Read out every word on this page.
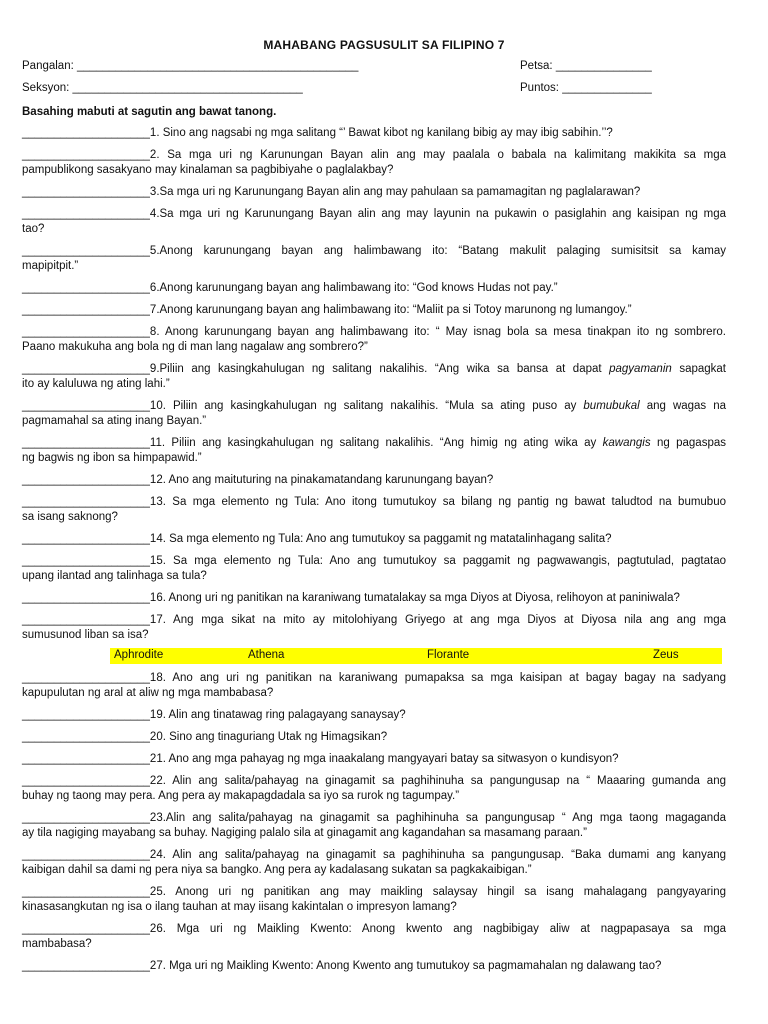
MAHABANG PAGSUSULIT SA FILIPINO 7
Pangalan: ____________________________________________	Petsa: _______________
Seksyon: ____________________________________	Puntos: ______________
Basahing mabuti at sagutin ang bawat tanong.
____________________1. Sino ang nagsabi ng mga salitang “’ Bawat kibot ng kanilang bibig ay may ibig sabihin.’’?
____________________2. Sa mga uri ng Karunungan Bayan alin ang may paalala o babala na kalimitang makikita sa mga
pampublikong sasakyano may kinalaman sa pagbibiyahe o paglalakbay?
____________________3.Sa mga uri ng Karunungang Bayan alin ang may pahulaan sa pamamagitan ng paglalarawan?
____________________4.Sa mga uri ng Karunungang Bayan alin ang may layunin na pukawin o pasiglahin ang kaisipan ng mga
tao?
____________________5.Anong karunungang bayan ang halimbawang ito: “Batang makulit palaging sumisitsit sa kamay
mapipitpit.”
____________________6.Anong karunungang bayan ang halimbawang ito: “God knows Hudas not pay.”
____________________7.Anong karunungang bayan ang halimbawang ito: “Maliit pa si Totoy marunong ng lumangoy.”
____________________8. Anong karunungang bayan ang halimbawang ito: “ May isnag bola sa mesa tinakpan ito ng sombrero.
Paano makukuha ang bola ng di man lang nagalaw ang sombrero?”
____________________9.Piliin ang kasingkahulugan ng salitang nakalihis. “Ang wika sa bansa at dapat pagyamanin sapagkat
ito ay kaluluwa ng ating lahi.”
____________________10. Piliin ang kasingkahulugan ng salitang nakalihis. “Mula sa ating puso ay bumubukal ang wagas na
pagmamahal sa ating inang Bayan.”
____________________11. Piliin ang kasingkahulugan ng salitang nakalihis. “Ang himig ng ating wika ay kawangis ng pagaspas
ng bagwis ng ibon sa himpapawid.”
____________________12. Ano ang maituturing na pinakamatandang karunungang bayan?
____________________13. Sa mga elemento ng Tula: Ano itong tumutukoy sa bilang ng pantig ng bawat taludtod na bumubuo
sa isang saknong?
____________________14. Sa mga elemento ng Tula: Ano ang tumutukoy sa paggamit ng matatalinhagang salita?
____________________15. Sa mga elemento ng Tula: Ano ang tumutukoy sa paggamit ng pagwawangis, pagtutulad, pagtatao
upang ilantad ang talinhaga sa tula?
____________________16. Anong uri ng panitikan na karaniwang tumatalakay sa mga Diyos at Diyosa, relihoyon at paniniwala?
____________________17. Ang mga sikat na mito ay mitolohiyang Griyego at ang mga Diyos at Diyosa nila ang ang mga
sumusunod liban sa isa?
Aphrodite	Athena	Florante	Zeus
____________________18. Ano ang uri ng panitikan na karaniwang pumapaksa sa mga kaisipan at bagay bagay na sadyang
kapupulutan ng aral at aliw ng mga mambabasa?
____________________19. Alin ang tinatawag ring palagayang sanaysay?
____________________20. Sino ang tinaguriang Utak ng Himagsikan?
____________________21. Ano ang mga pahayag ng mga inaakalang mangyayari batay sa sitwasyon o kundisyon?
____________________22. Alin ang salita/pahayag na ginagamit sa paghihinuha sa pangungusap na “ Maaaring gumanda ang
buhay ng taong may pera. Ang pera ay makapagdadala sa iyo sa rurok ng tagumpay.”
____________________23.Alin ang salita/pahayag na ginagamit sa paghihinuha sa pangungusap “ Ang mga taong magaganda
ay tila nagiging mayabang sa buhay. Nagiging palalo sila at ginagamit ang kagandahan sa masamang paraan.”
____________________24. Alin ang salita/pahayag na ginagamit sa paghihinuha sa pangungusap. “Baka dumami ang kanyang
kaibigan dahil sa dami ng pera niya sa bangko. Ang pera ay kadalasang sukatan sa pagkakaibigan.”
____________________25. Anong uri ng panitikan ang may maikling salaysay hingil sa isang mahalagang pangyayaring
kinasasangkutan ng isa o ilang tauhan at may iisang kakintalan o impresyon lamang?
____________________26. Mga uri ng Maikling Kwento: Anong kwento ang nagbibigay aliw at nagpapasaya sa mga
mambabasa?
____________________27. Mga uri ng Maikling Kwento: Anong Kwento ang tumutukoy sa pagmamahalan ng dalawang tao?
